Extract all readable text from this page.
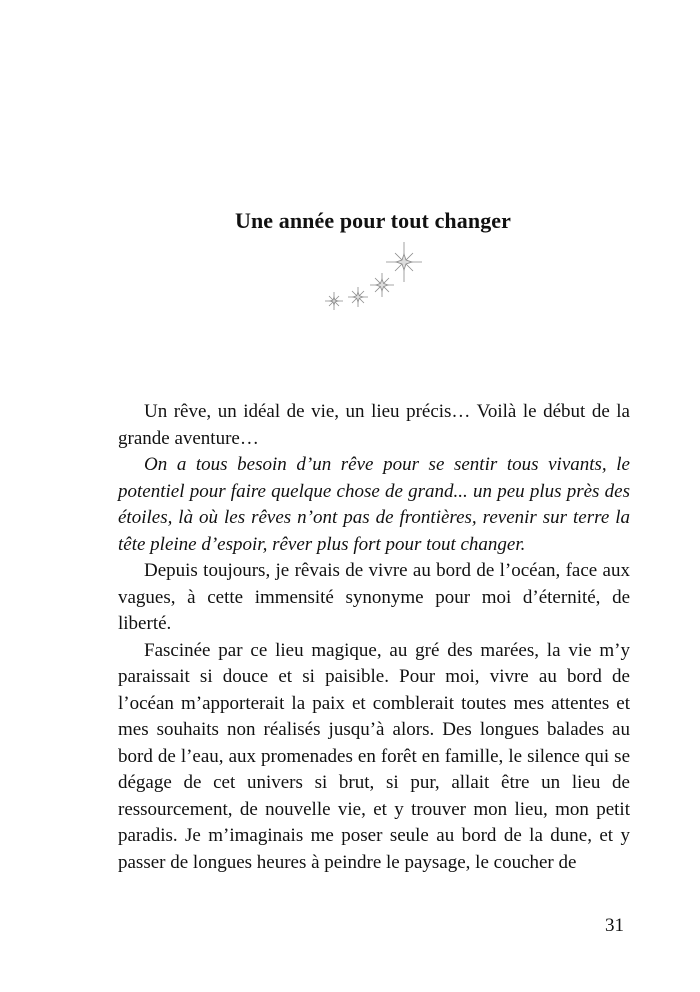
Une année pour tout changer

Un rêve, un idéal de vie, un lieu précis… Voilà le début de la grande aventure…

On a tous besoin d’un rêve pour se sentir tous vivants, le potentiel pour faire quelque chose de grand... un peu plus près des étoiles, là où les rêves n’ont pas de frontières, revenir sur terre la tête pleine d’espoir, rêver plus fort pour tout changer.

Depuis toujours, je rêvais de vivre au bord de l’océan, face aux vagues, à cette immensité synonyme pour moi d’éternité, de liberté.

Fascinée par ce lieu magique, au gré des marées, la vie m’y paraissait si douce et si paisible. Pour moi, vivre au bord de l’océan m’apporterait la paix et comblerait toutes mes attentes et mes souhaits non réalisés jusqu’à alors. Des longues balades au bord de l’eau, aux promenades en forêt en famille, le silence qui se dégage de cet univers si brut, si pur, allait être un lieu de ressourcement, de nouvelle vie, et y trouver mon lieu, mon petit paradis. Je m’imaginais me poser seule au bord de la dune, et y passer de longues heures à peindre le paysage, le coucher de

31
